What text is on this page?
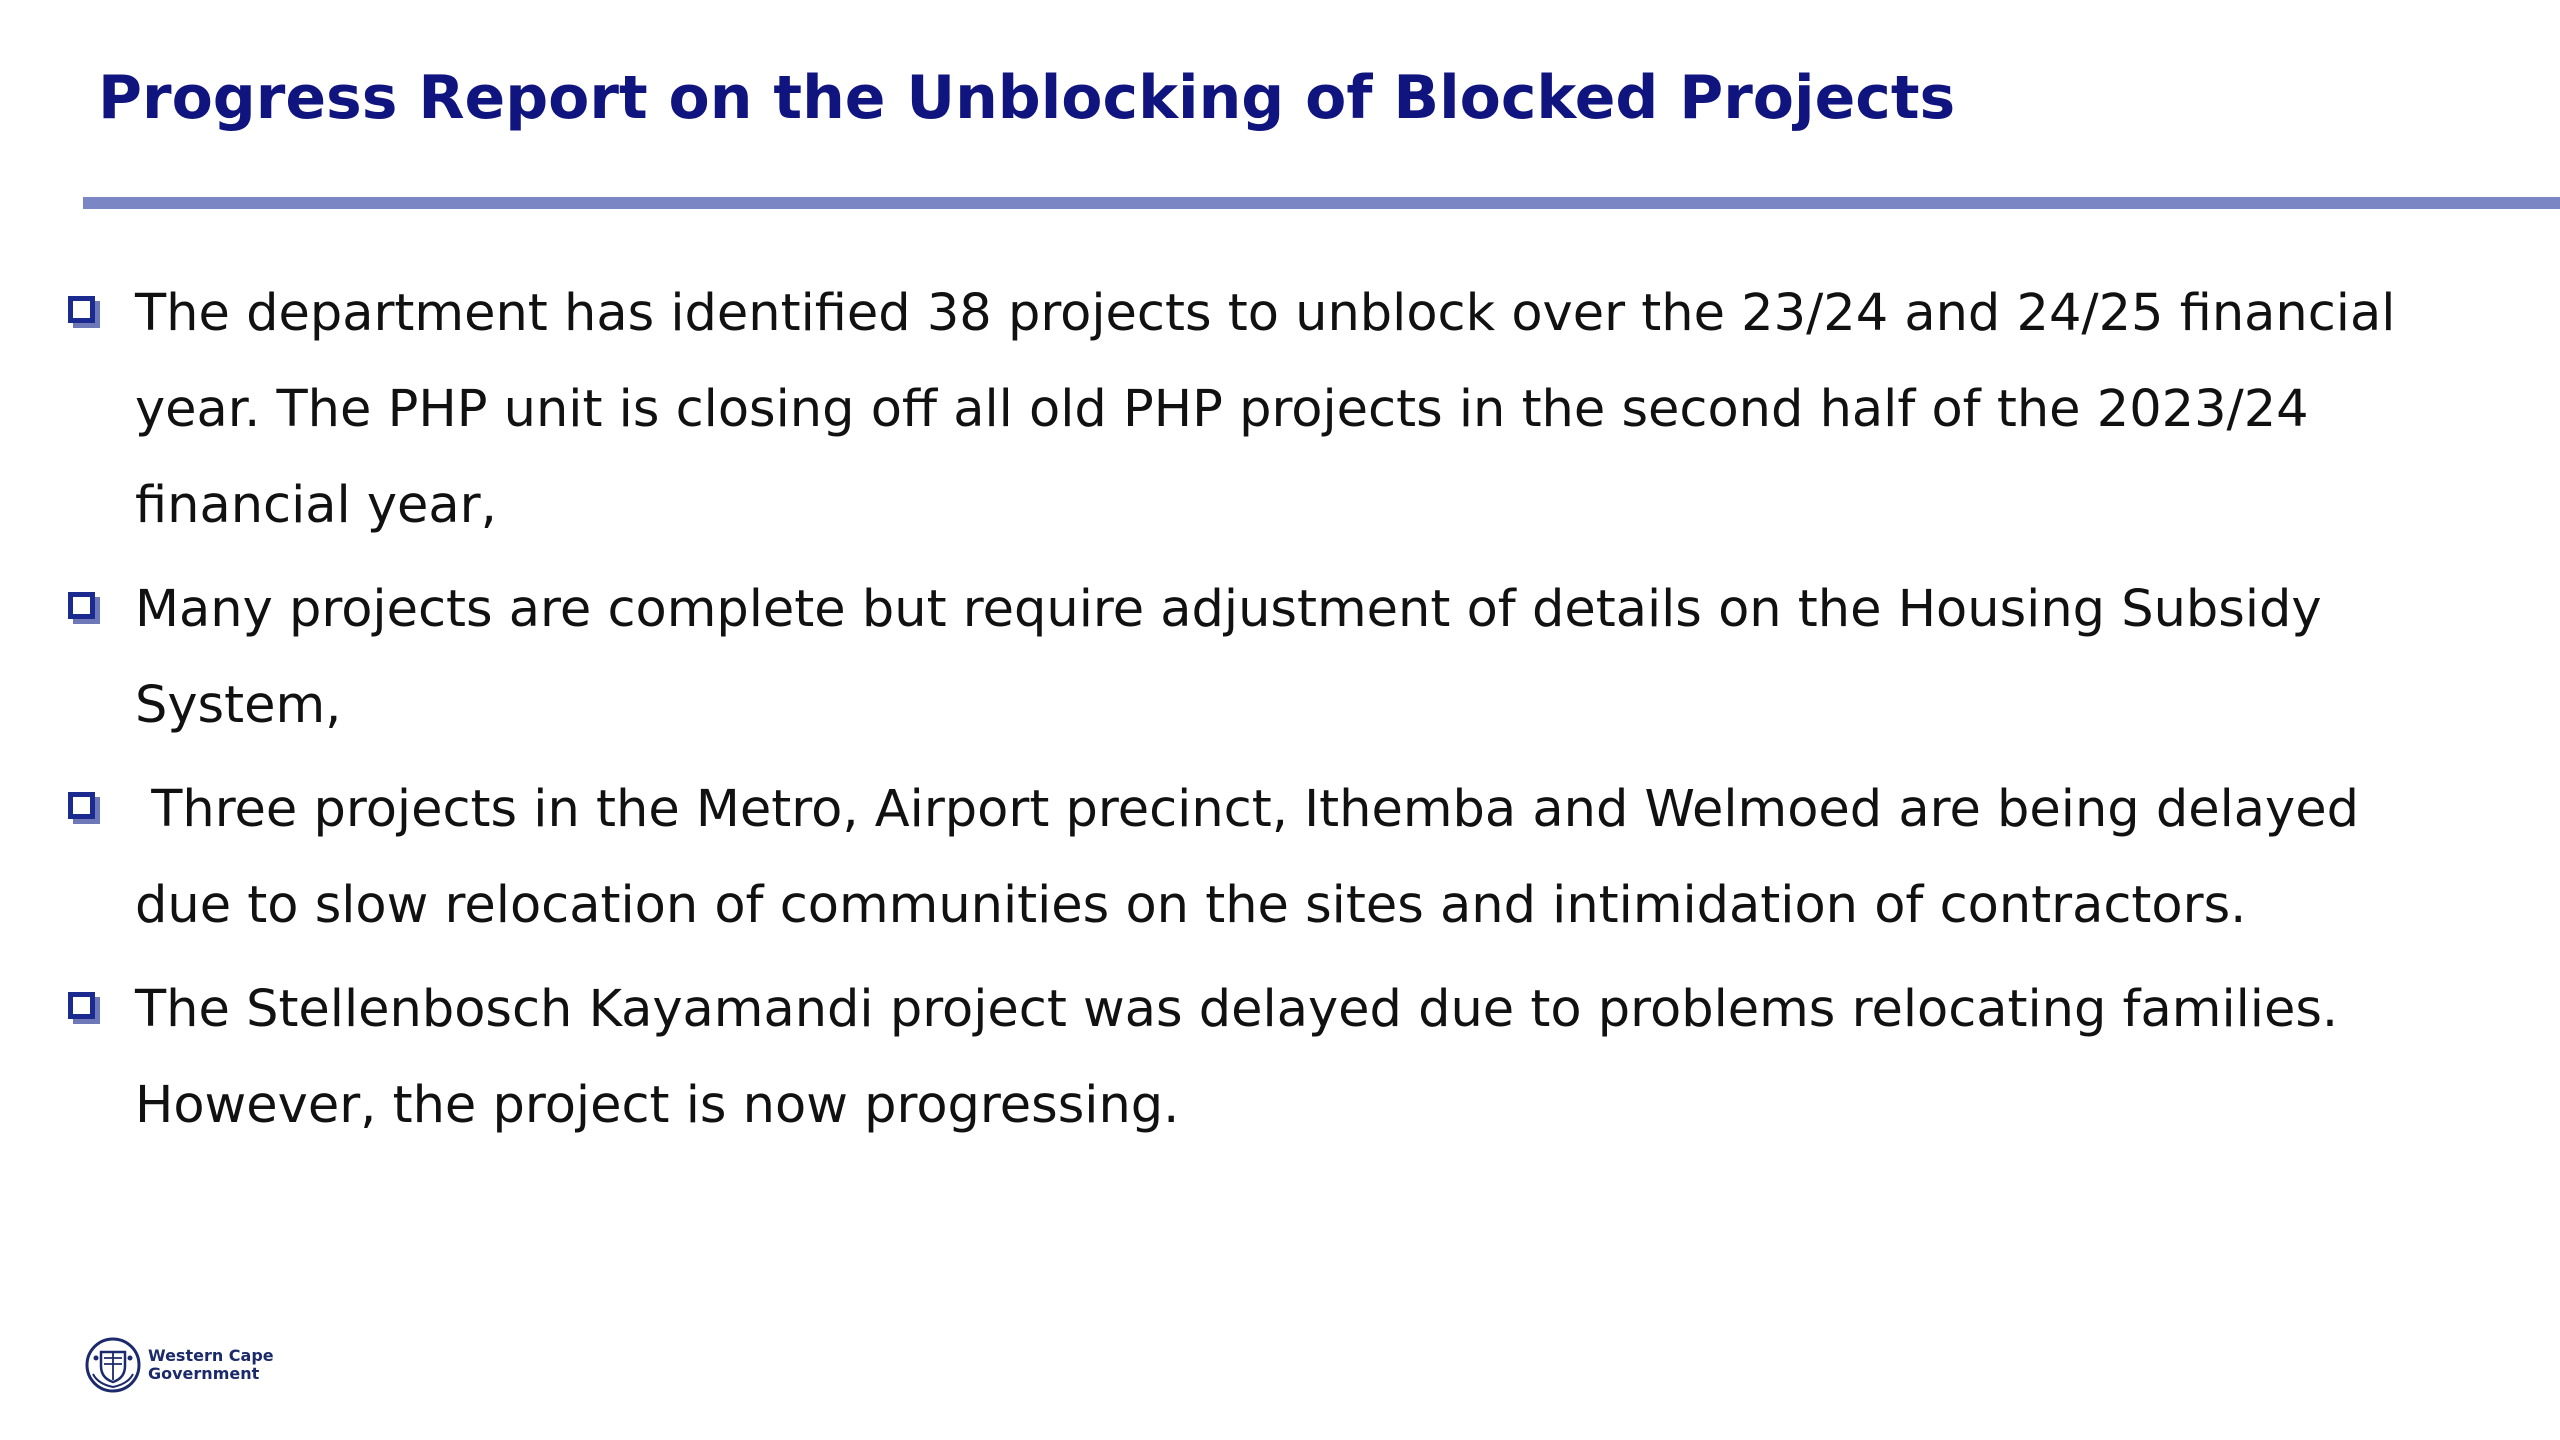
Progress Report on the Unblocking of Blocked Projects
The department has identified 38 projects to unblock over the 23/24 and 24/25 financial year. The PHP unit is closing off all old PHP projects in the second half of the 2023/24 financial year,
Many projects are complete but require adjustment of details on the Housing Subsidy System,
Three projects in the Metro, Airport precinct, Ithemba and Welmoed are being delayed due to slow relocation of communities on the sites and intimidation of contractors.
The Stellenbosch Kayamandi project was delayed due to problems relocating families. However, the project is now progressing.
Western Cape
Government
